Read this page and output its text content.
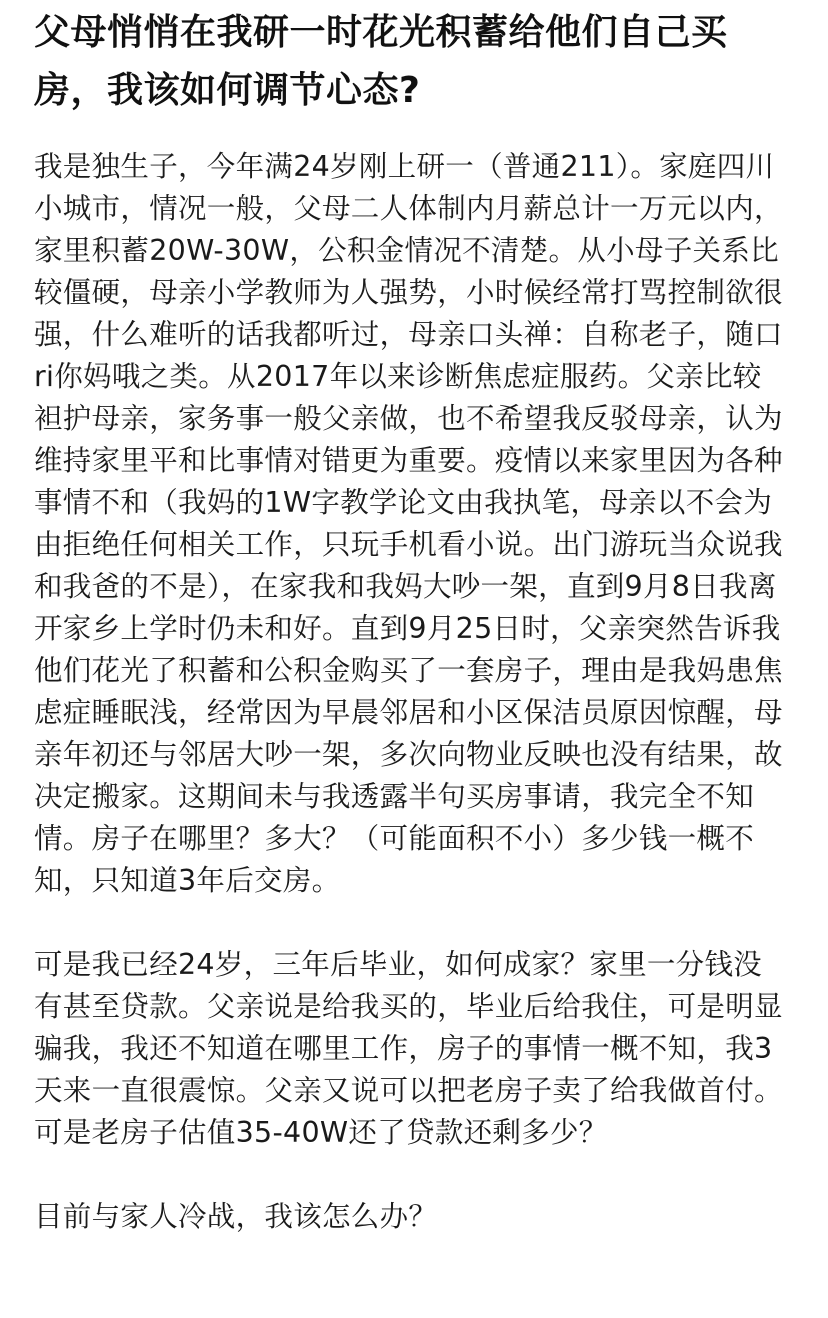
父母悄悄在我研一时花光积蓄给他们自己买房，我该如何调节心态?

我是独生子，今年满24岁刚上研一（普通211）。家庭四川小城市，情况一般，父母二人体制内月薪总计一万元以内，家里积蓄20W-30W，公积金情况不清楚。从小母子关系比较僵硬，母亲小学教师为人强势，小时候经常打骂控制欲很强，什么难听的话我都听过，母亲口头禅：自称老子，随口ri你妈哦之类。从2017年以来诊断焦虑症服药。父亲比较袒护母亲，家务事一般父亲做，也不希望我反驳母亲，认为维持家里平和比事情对错更为重要。疫情以来家里因为各种事情不和（我妈的1W字教学论文由我执笔，母亲以不会为由拒绝任何相关工作，只玩手机看小说。出门游玩当众说我和我爸的不是），在家我和我妈大吵一架，直到9月8日我离开家乡上学时仍未和好。直到9月25日时，父亲突然告诉我他们花光了积蓄和公积金购买了一套房子，理由是我妈患焦虑症睡眠浅，经常因为早晨邻居和小区保洁员原因惊醒，母亲年初还与邻居大吵一架，多次向物业反映也没有结果，故决定搬家。这期间未与我透露半句买房事请，我完全不知情。房子在哪里？多大？（可能面积不小）多少钱一概不知，只知道3年后交房。

可是我已经24岁，三年后毕业，如何成家？家里一分钱没有甚至贷款。父亲说是给我买的，毕业后给我住，可是明显骗我，我还不知道在哪里工作，房子的事情一概不知，我3天来一直很震惊。父亲又说可以把老房子卖了给我做首付。可是老房子估值35-40W还了贷款还剩多少？

目前与家人冷战，我该怎么办？
